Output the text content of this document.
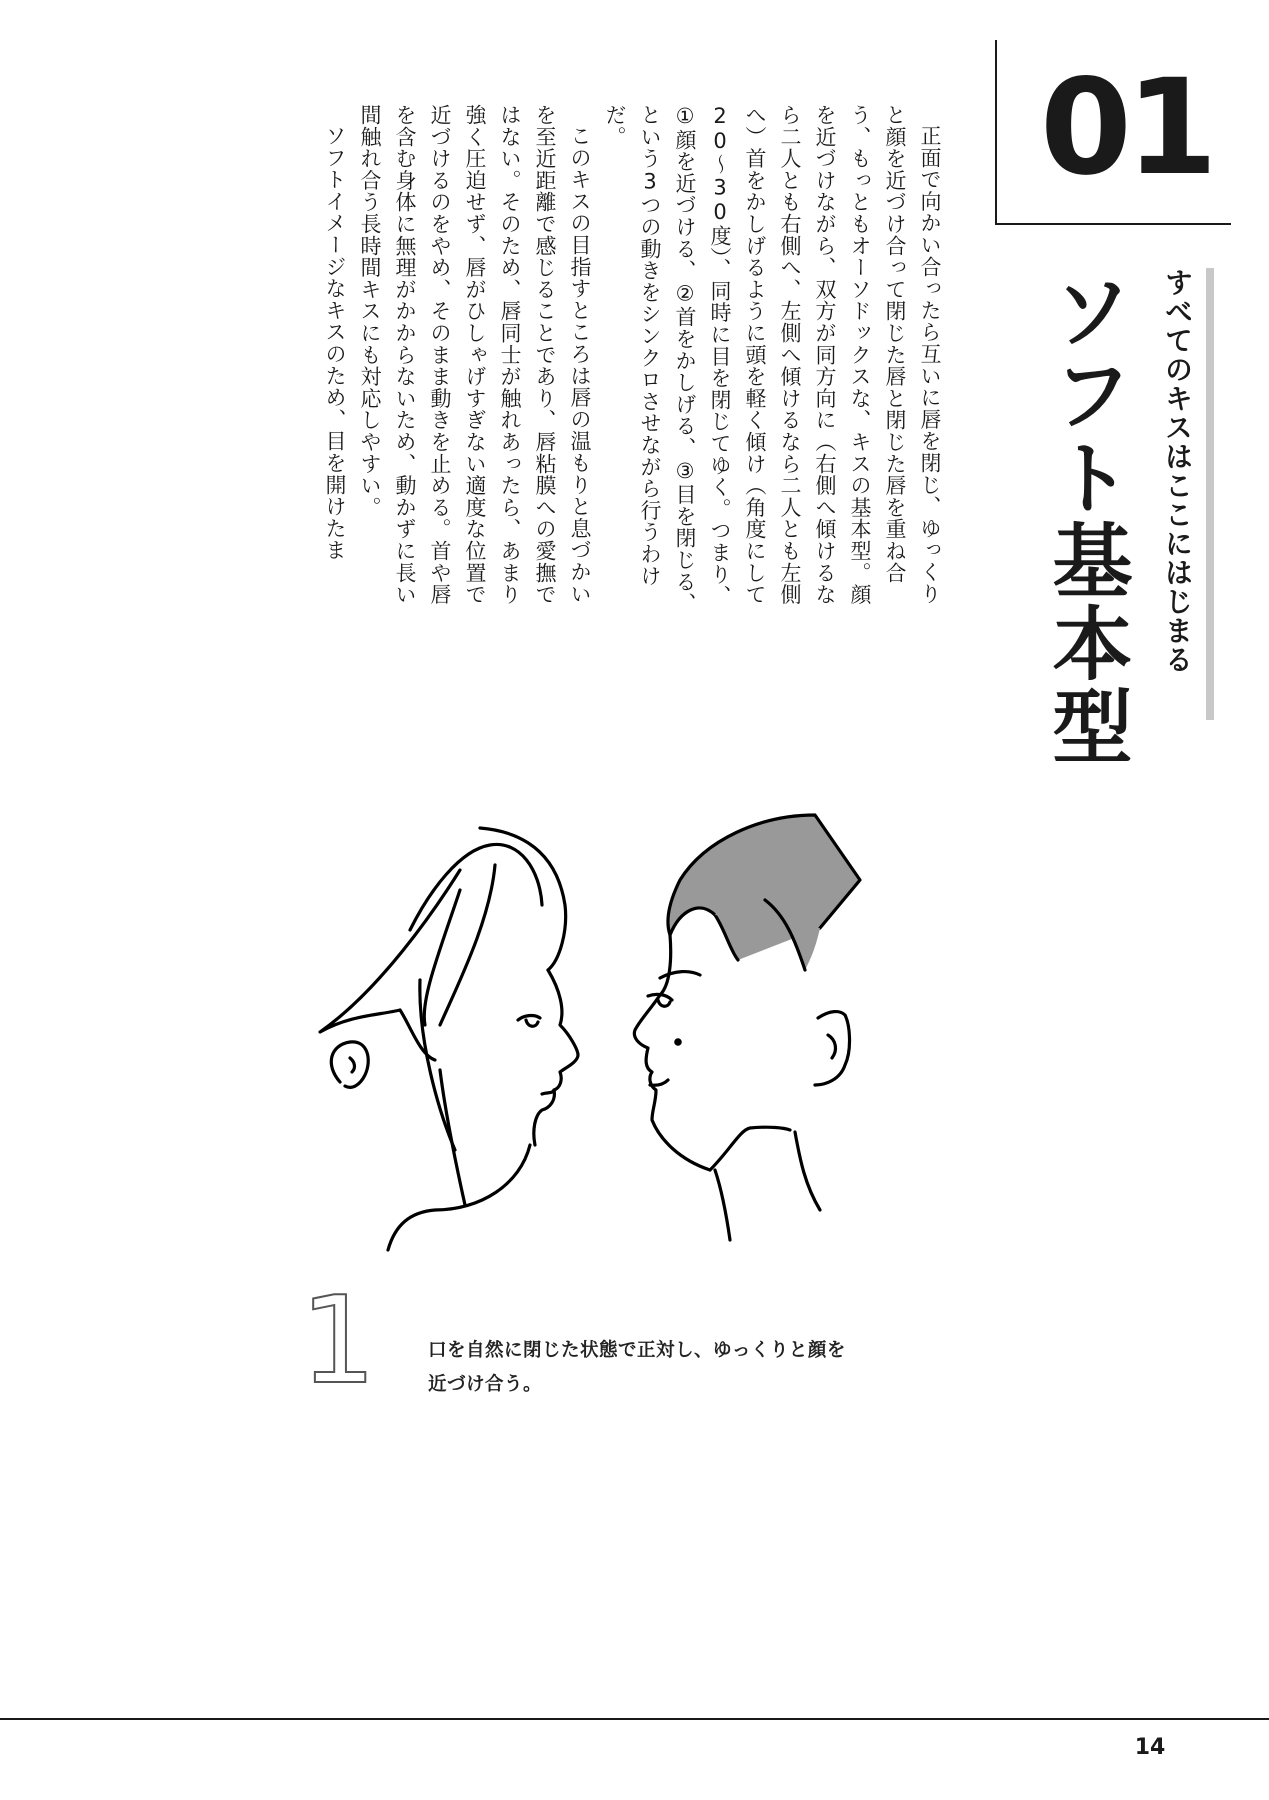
01
すべてのキスはここにはじまる
ソフト基本型

正面で向かい合ったら互いに唇を閉じ、ゆっくりと顔を近づけ合って閉じた唇と閉じた唇を重ね合う、もっともオーソドックスな、キスの基本型。顔を近づけながら、双方が同方向に（右側へ傾けるなら二人とも右側へ、左側へ傾けるなら二人とも左側へ）首をかしげるように頭を軽く傾け（角度にして20～30度）、同時に目を閉じてゆく。つまり、①顔を近づける、②首をかしげる、③目を閉じる、という3つの動きをシンクロさせながら行うわけだ。

このキスの目指すところは唇の温もりと息づかいを至近距離で感じることであり、唇粘膜への愛撫ではない。そのため、唇同士が触れあったら、あまり強く圧迫せず、唇がひしゃげすぎない適度な位置で近づけるのをやめ、そのまま動きを止める。首や唇を含む身体に無理がかからないため、動かずに長い間触れ合う長時間キスにも対応しやすい。

ソフトイメージなキスのため、目を開けたま

1	口を自然に閉じた状態で正対し、ゆっくりと顔を
近づけ合う。
14
